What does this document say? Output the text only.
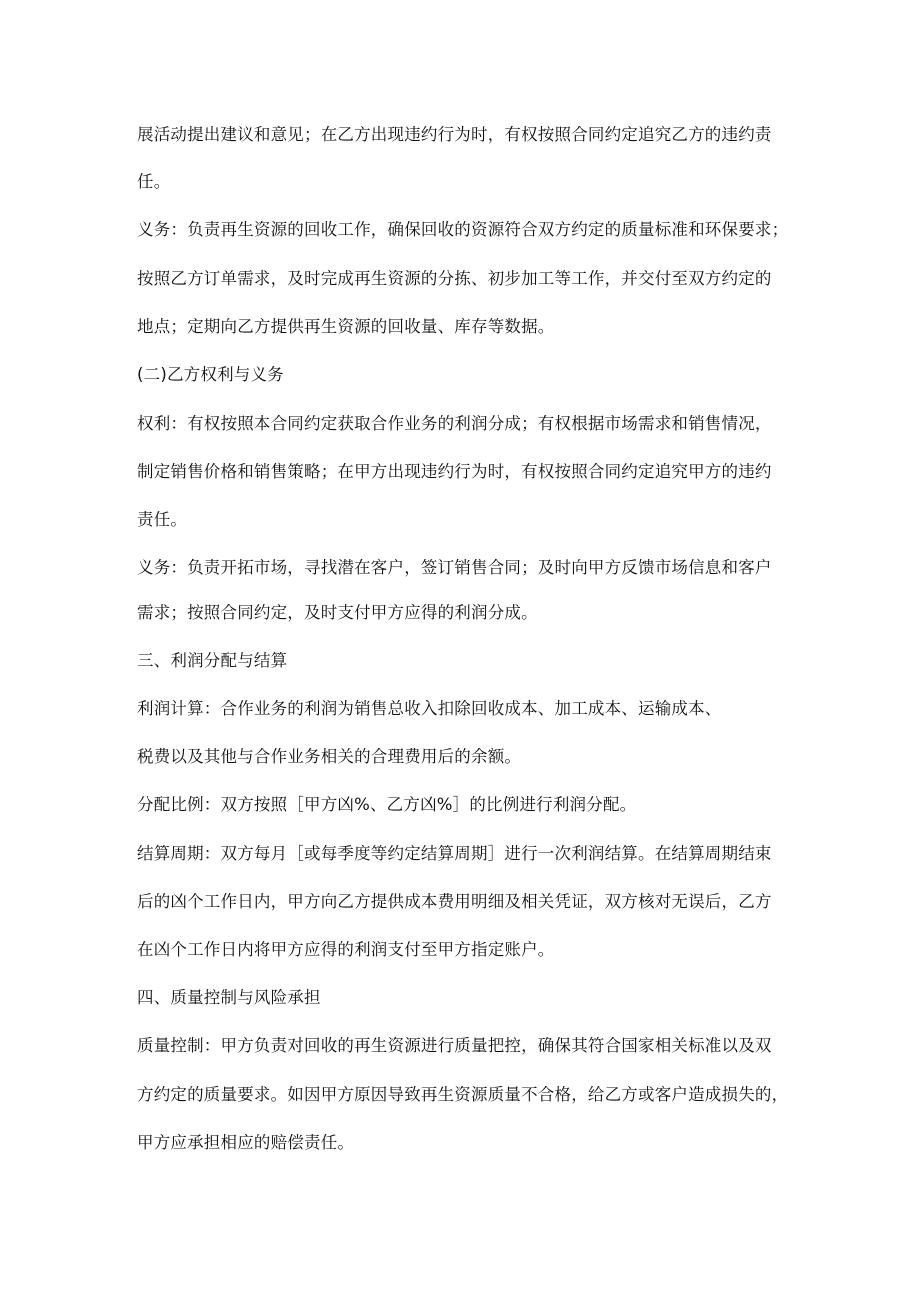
展活动提出建议和意见；在乙方出现违约行为时，有权按照合同约定追究乙方的违约责
任。
义务：负责再生资源的回收工作，确保回收的资源符合双方约定的质量标准和环保要求；
按照乙方订单需求，及时完成再生资源的分拣、初步加工等工作，并交付至双方约定的
地点；定期向乙方提供再生资源的回收量、库存等数据。
(二)乙方权利与义务
权利：有权按照本合同约定获取合作业务的利润分成；有权根据市场需求和销售情况，
制定销售价格和销售策略；在甲方出现违约行为时，有权按照合同约定追究甲方的违约
责任。
义务：负责开拓市场，寻找潜在客户，签订销售合同；及时向甲方反馈市场信息和客户
需求；按照合同约定，及时支付甲方应得的利润分成。
三、利润分配与结算
利润计算：合作业务的利润为销售总收入扣除回收成本、加工成本、运输成本、
税费以及其他与合作业务相关的合理费用后的余额。
分配比例：双方按照［甲方凶%、乙方凶%］的比例进行利润分配。
结算周期：双方每月［或每季度等约定结算周期］进行一次利润结算。在结算周期结束
后的凶个工作日内，甲方向乙方提供成本费用明细及相关凭证，双方核对无误后，乙方
在凶个工作日内将甲方应得的利润支付至甲方指定账户。
四、质量控制与风险承担
质量控制：甲方负责对回收的再生资源进行质量把控，确保其符合国家相关标准以及双
方约定的质量要求。如因甲方原因导致再生资源质量不合格，给乙方或客户造成损失的，
甲方应承担相应的赔偿责任。
